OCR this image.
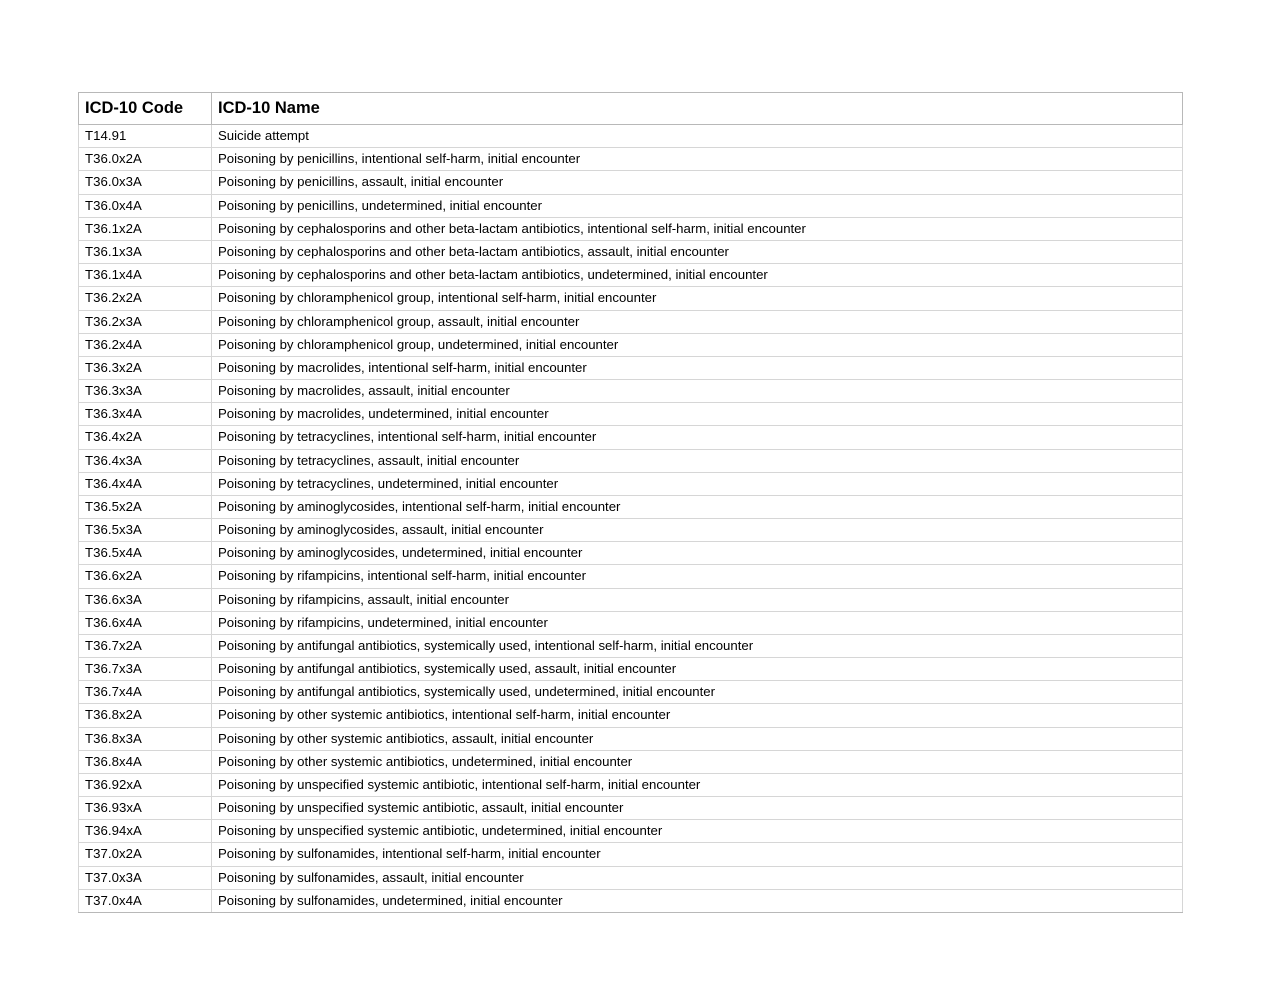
ICD-10 Code	ICD-10 Name
T14.91	Suicide attempt
T36.0x2A	Poisoning by penicillins, intentional self-harm, initial encounter
T36.0x3A	Poisoning by penicillins, assault, initial encounter
T36.0x4A	Poisoning by penicillins, undetermined, initial encounter
T36.1x2A	Poisoning by cephalosporins and other beta-lactam antibiotics, intentional self-harm, initial encounter
T36.1x3A	Poisoning by cephalosporins and other beta-lactam antibiotics, assault, initial encounter
T36.1x4A	Poisoning by cephalosporins and other beta-lactam antibiotics, undetermined, initial encounter
T36.2x2A	Poisoning by chloramphenicol group, intentional self-harm, initial encounter
T36.2x3A	Poisoning by chloramphenicol group, assault, initial encounter
T36.2x4A	Poisoning by chloramphenicol group, undetermined, initial encounter
T36.3x2A	Poisoning by macrolides, intentional self-harm, initial encounter
T36.3x3A	Poisoning by macrolides, assault, initial encounter
T36.3x4A	Poisoning by macrolides, undetermined, initial encounter
T36.4x2A	Poisoning by tetracyclines, intentional self-harm, initial encounter
T36.4x3A	Poisoning by tetracyclines, assault, initial encounter
T36.4x4A	Poisoning by tetracyclines, undetermined, initial encounter
T36.5x2A	Poisoning by aminoglycosides, intentional self-harm, initial encounter
T36.5x3A	Poisoning by aminoglycosides, assault, initial encounter
T36.5x4A	Poisoning by aminoglycosides, undetermined, initial encounter
T36.6x2A	Poisoning by rifampicins, intentional self-harm, initial encounter
T36.6x3A	Poisoning by rifampicins, assault, initial encounter
T36.6x4A	Poisoning by rifampicins, undetermined, initial encounter
T36.7x2A	Poisoning by antifungal antibiotics, systemically used, intentional self-harm, initial encounter
T36.7x3A	Poisoning by antifungal antibiotics, systemically used, assault, initial encounter
T36.7x4A	Poisoning by antifungal antibiotics, systemically used, undetermined, initial encounter
T36.8x2A	Poisoning by other systemic antibiotics, intentional self-harm, initial encounter
T36.8x3A	Poisoning by other systemic antibiotics, assault, initial encounter
T36.8x4A	Poisoning by other systemic antibiotics, undetermined, initial encounter
T36.92xA	Poisoning by unspecified systemic antibiotic, intentional self-harm, initial encounter
T36.93xA	Poisoning by unspecified systemic antibiotic, assault, initial encounter
T36.94xA	Poisoning by unspecified systemic antibiotic, undetermined, initial encounter
T37.0x2A	Poisoning by sulfonamides, intentional self-harm, initial encounter
T37.0x3A	Poisoning by sulfonamides, assault, initial encounter
T37.0x4A	Poisoning by sulfonamides, undetermined, initial encounter
